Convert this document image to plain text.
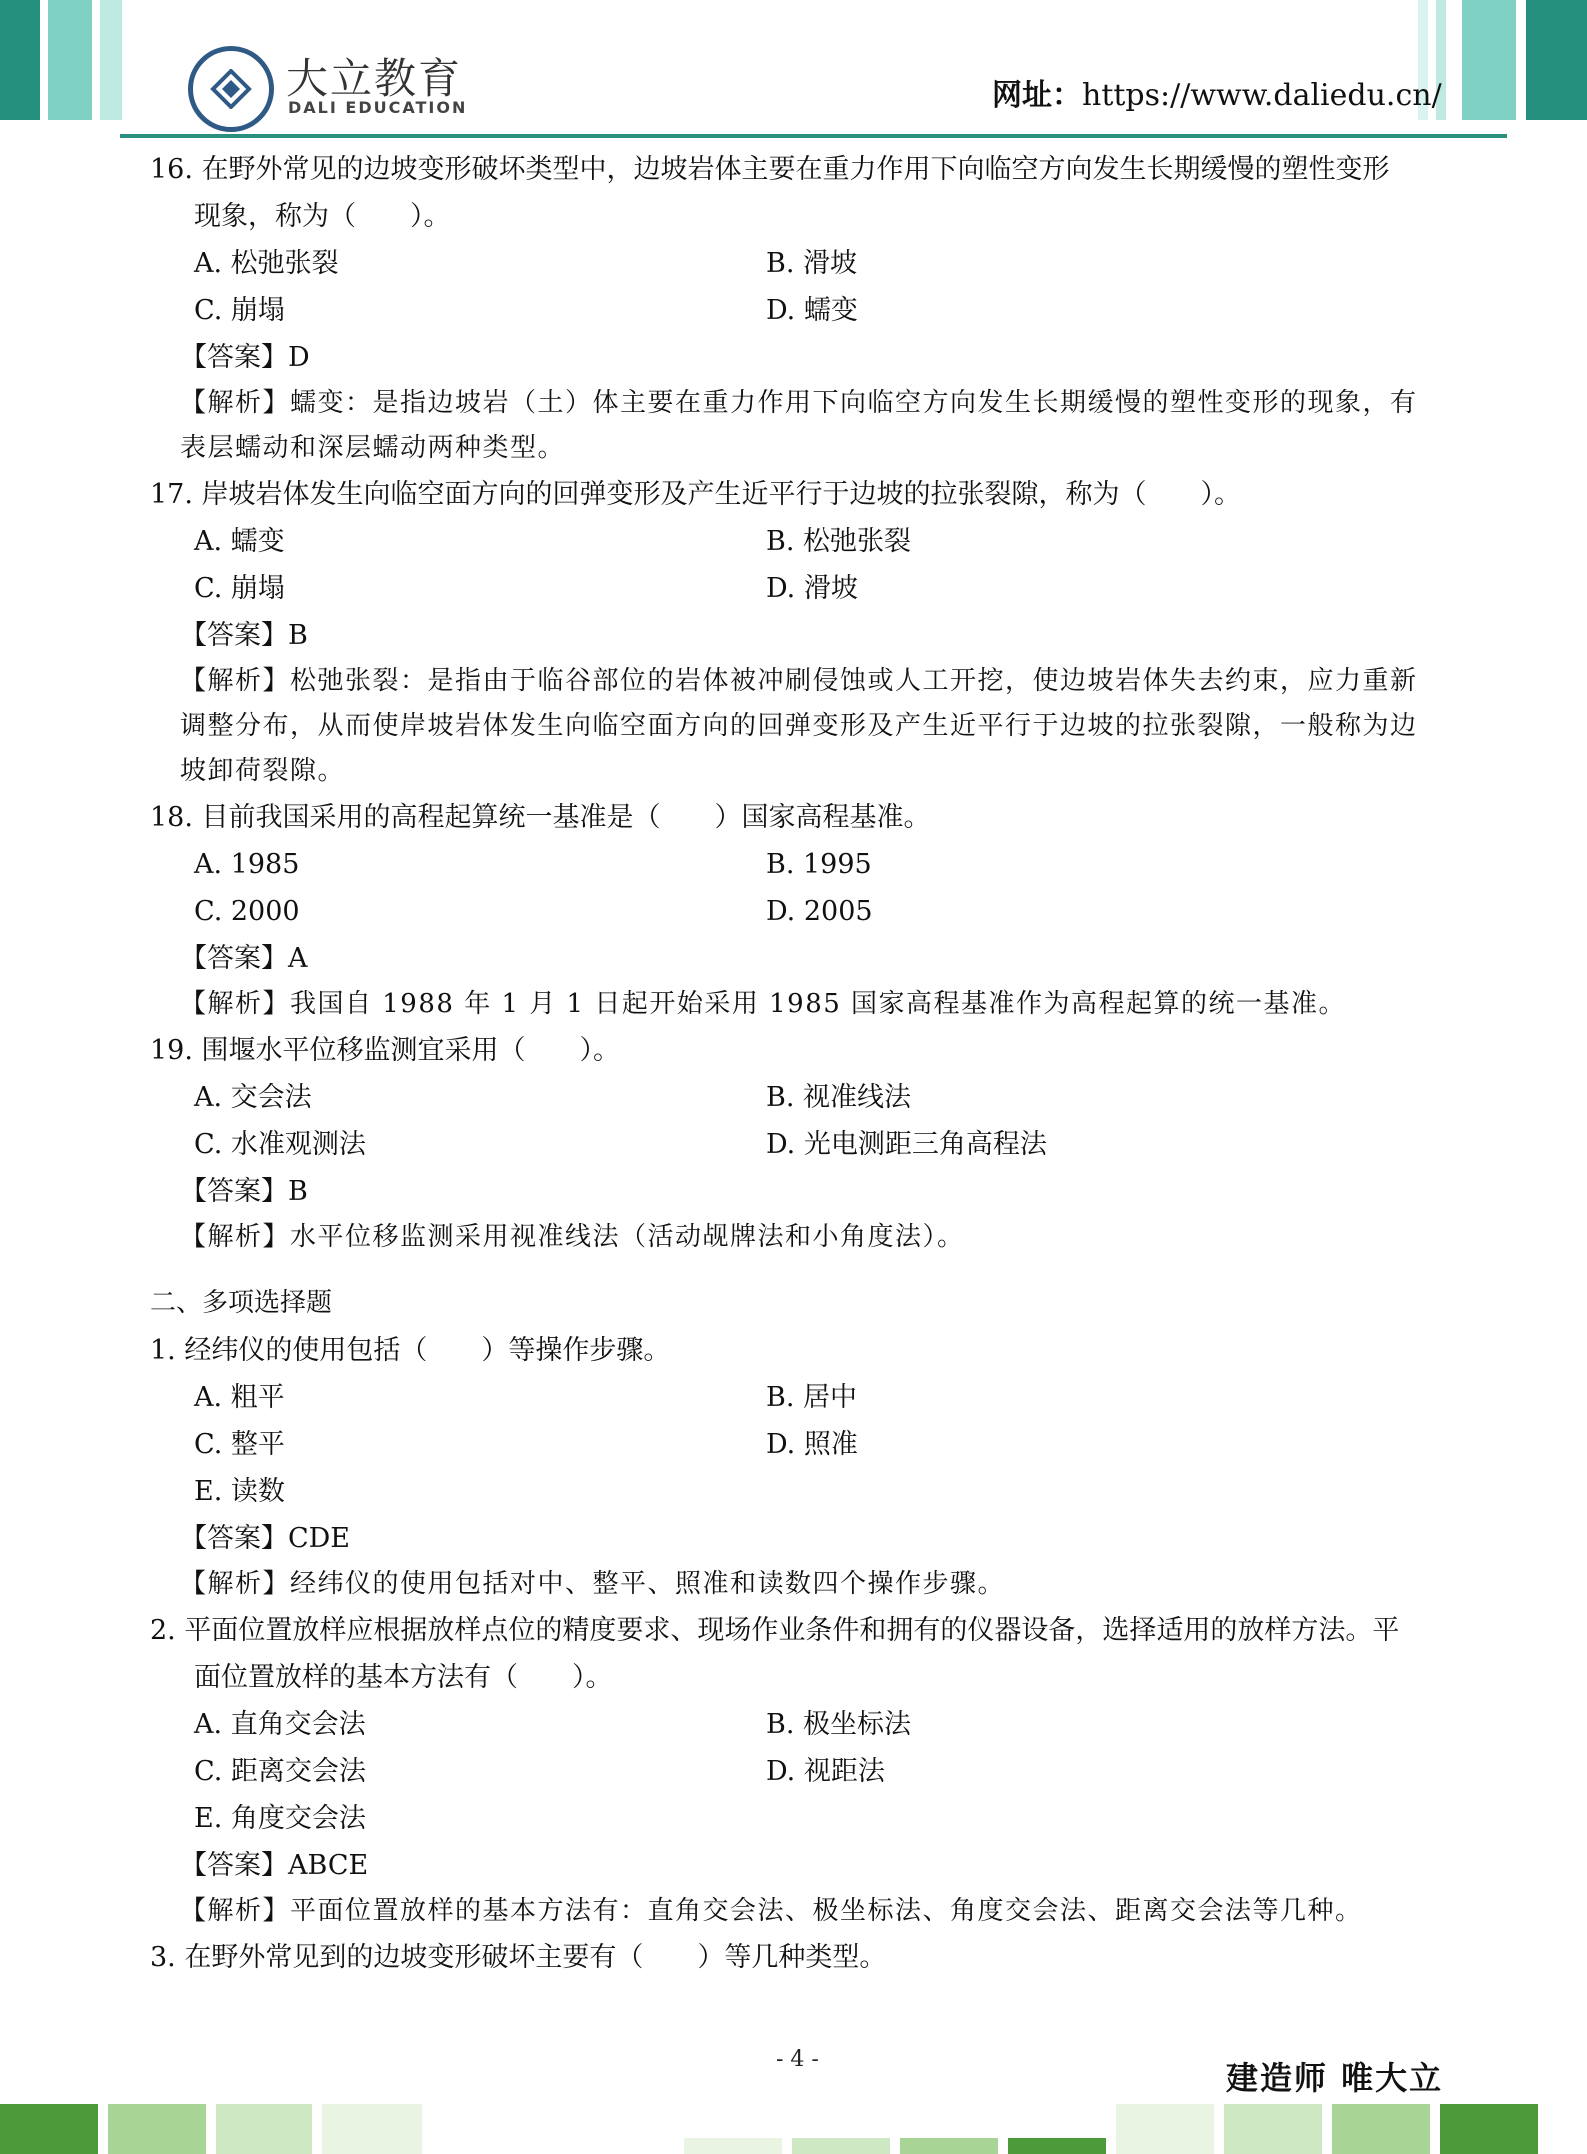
大立教育
DALI EDUCATION	网址：https://www.daliedu.cn/
16. 在野外常见的边坡变形破坏类型中，边坡岩体主要在重力作用下向临空方向发生长期缓慢的塑性变形
现象，称为（　　）。
A. 松弛张裂	B. 滑坡
C. 崩塌	D. 蠕变
【答案】D
【解析】蠕变：是指边坡岩（土）体主要在重力作用下向临空方向发生长期缓慢的塑性变形的现象，有
表层蠕动和深层蠕动两种类型。
17. 岸坡岩体发生向临空面方向的回弹变形及产生近平行于边坡的拉张裂隙，称为（　　）。
A. 蠕变	B. 松弛张裂
C. 崩塌	D. 滑坡
【答案】B
【解析】松弛张裂：是指由于临谷部位的岩体被冲刷侵蚀或人工开挖，使边坡岩体失去约束，应力重新
调整分布，从而使岸坡岩体发生向临空面方向的回弹变形及产生近平行于边坡的拉张裂隙，一般称为边
坡卸荷裂隙。
18. 目前我国采用的高程起算统一基准是（　　）国家高程基准。
A. 1985	B. 1995
C. 2000	D. 2005
【答案】A
【解析】我国自 1988 年 1 月 1 日起开始采用 1985 国家高程基准作为高程起算的统一基准。
19. 围堰水平位移监测宜采用（　　）。
A. 交会法	B. 视准线法
C. 水准观测法	D. 光电测距三角高程法
【答案】B
【解析】水平位移监测采用视准线法（活动觇牌法和小角度法）。
二、多项选择题
1. 经纬仪的使用包括（　　）等操作步骤。
A. 粗平	B. 居中
C. 整平	D. 照准
E. 读数
【答案】CDE
【解析】经纬仪的使用包括对中、整平、照准和读数四个操作步骤。
2. 平面位置放样应根据放样点位的精度要求、现场作业条件和拥有的仪器设备，选择适用的放样方法。平
面位置放样的基本方法有（　　）。
A. 直角交会法	B. 极坐标法
C. 距离交会法	D. 视距法
E. 角度交会法
【答案】ABCE
【解析】平面位置放样的基本方法有：直角交会法、极坐标法、角度交会法、距离交会法等几种。
3. 在野外常见到的边坡变形破坏主要有（　　）等几种类型。
- 4 -	建造师 唯大立
